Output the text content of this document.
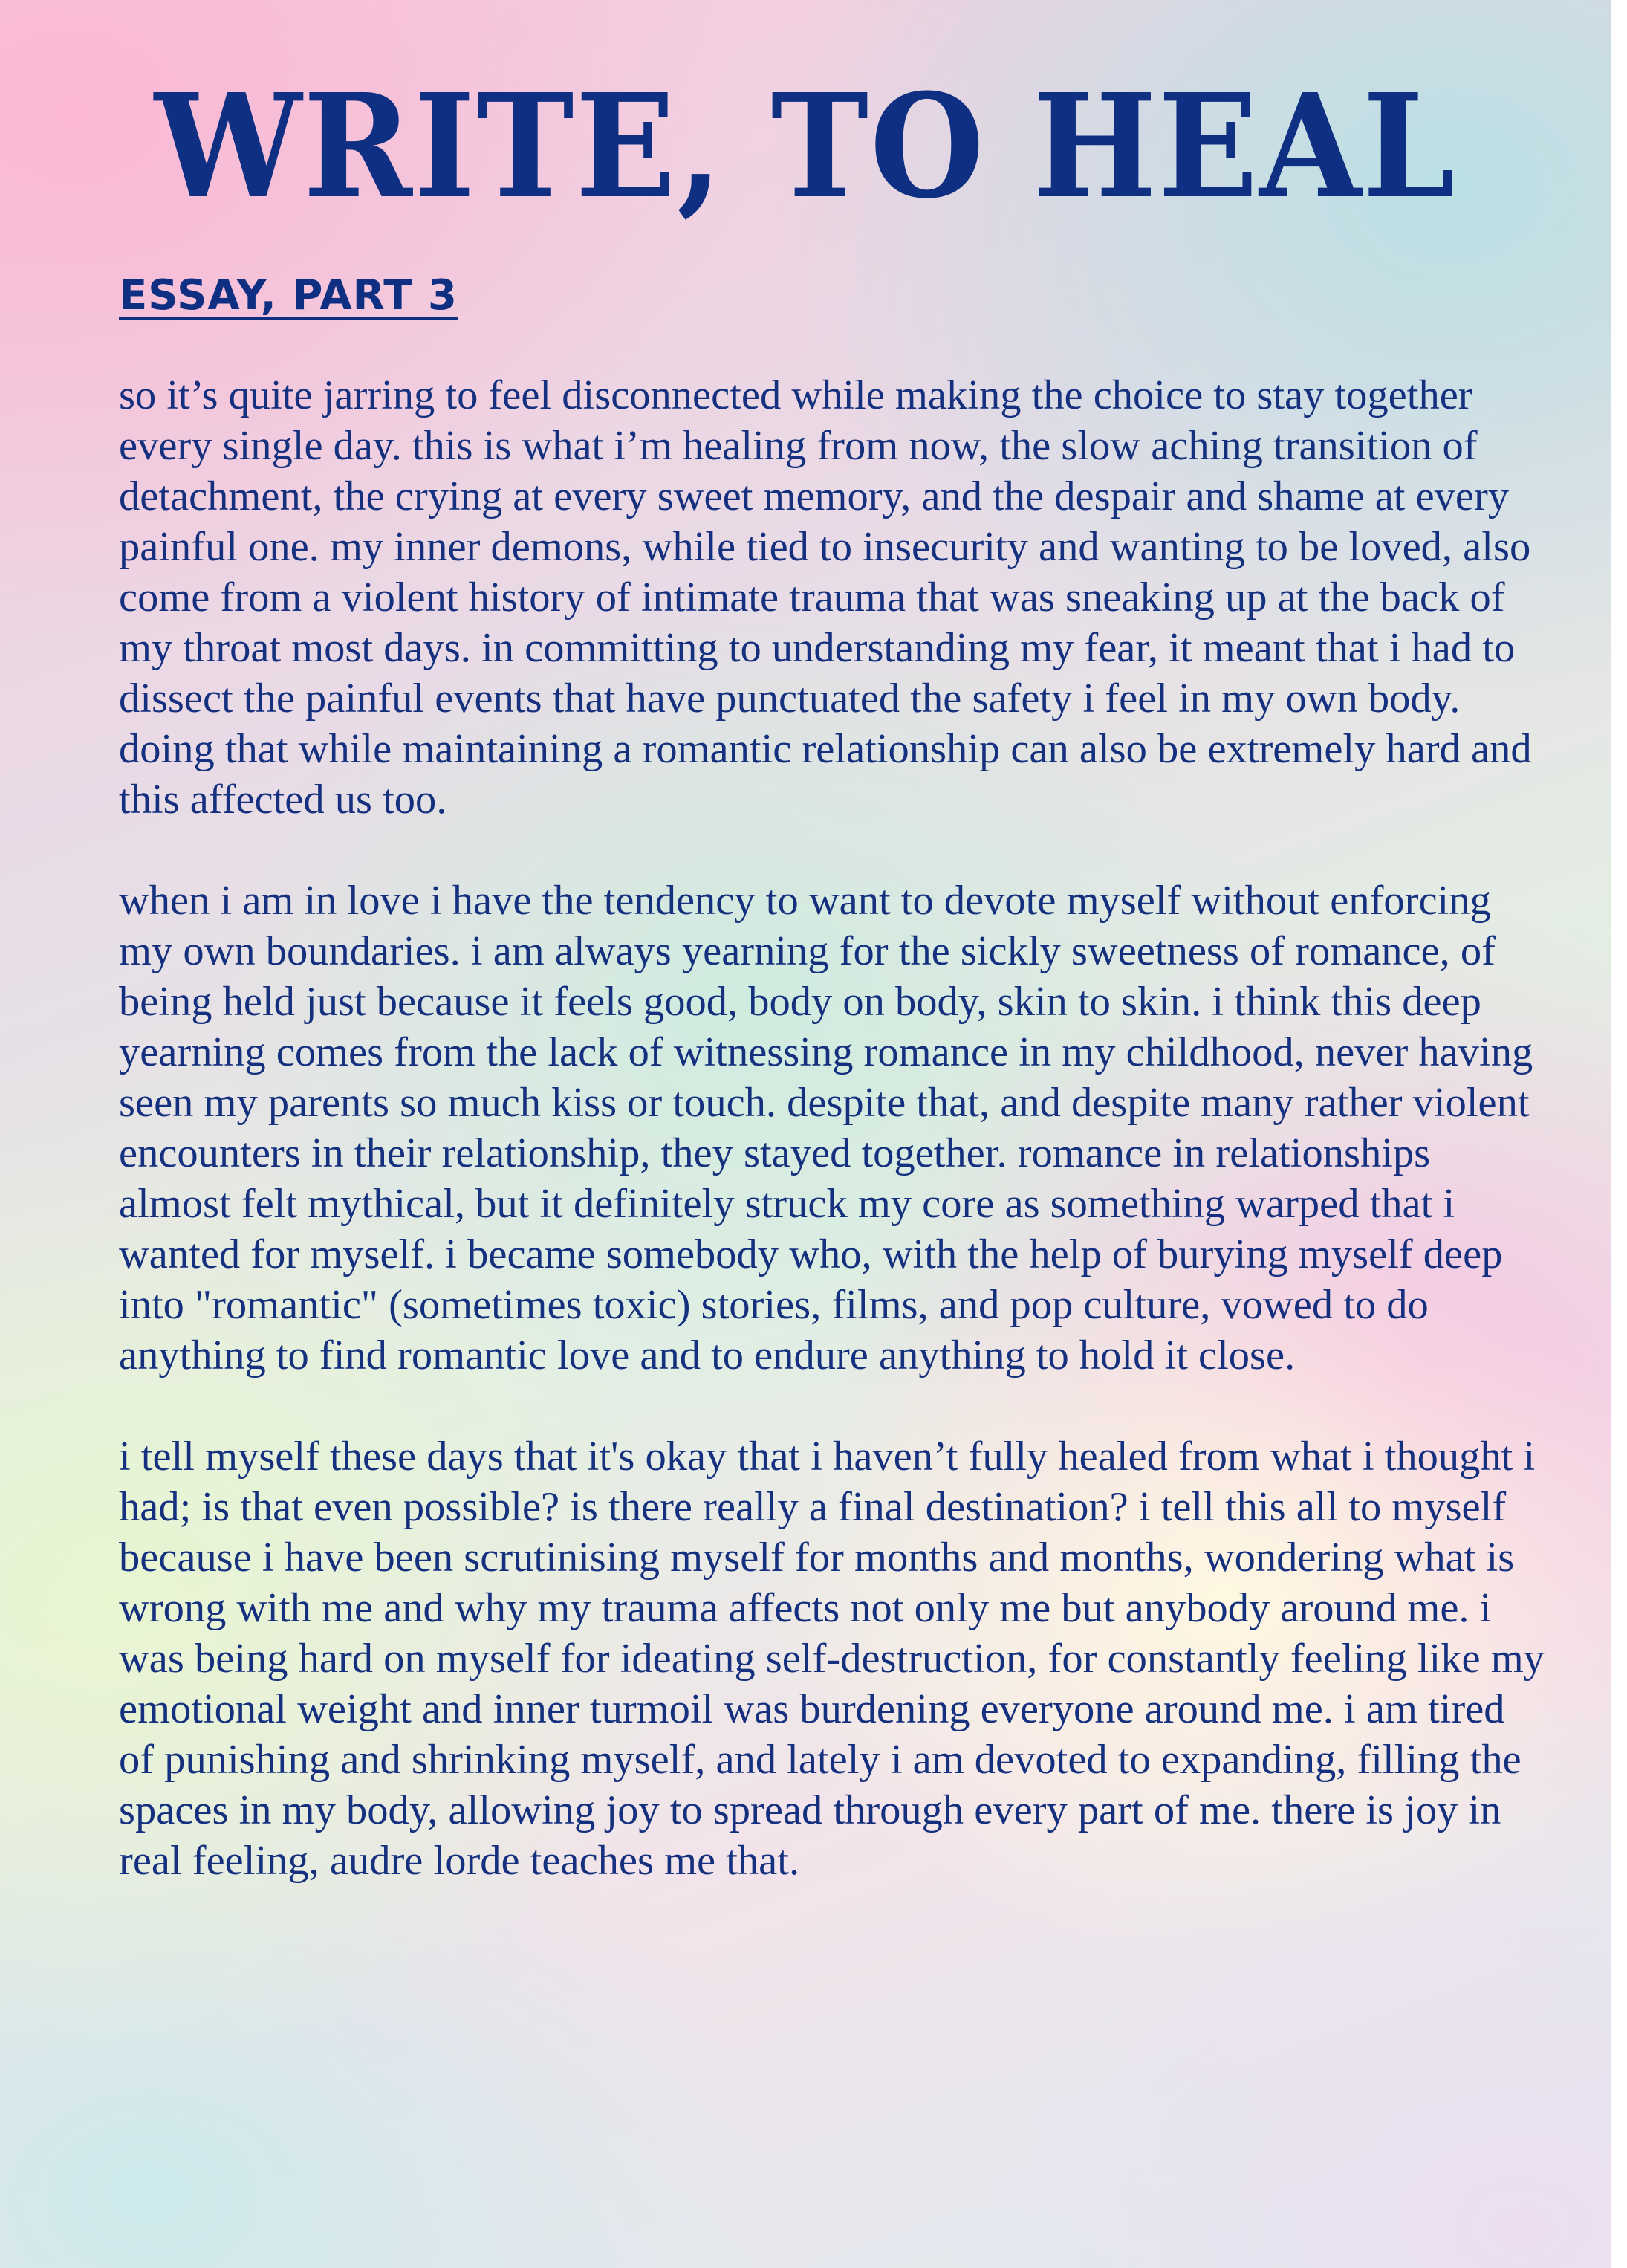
WRITE, TO HEAL
ESSAY, PART 3

so it’s quite jarring to feel disconnected while making the choice to stay together every single day. this is what i’m healing from now, the slow aching transition of detachment, the crying at every sweet memory, and the despair and shame at every painful one. my inner demons, while tied to insecurity and wanting to be loved, also come from a violent history of intimate trauma that was sneaking up at the back of my throat most days. in committing to understanding my fear, it meant that i had to dissect the painful events that have punctuated the safety i feel in my own body. doing that while maintaining a romantic relationship can also be extremely hard and this affected us too.

when i am in love i have the tendency to want to devote myself without enforcing my own boundaries. i am always yearning for the sickly sweetness of romance, of being held just because it feels good, body on body, skin to skin. i think this deep yearning comes from the lack of witnessing romance in my childhood, never having seen my parents so much kiss or touch. despite that, and despite many rather violent encounters in their relationship, they stayed together. romance in relationships almost felt mythical, but it definitely struck my core as something warped that i wanted for myself. i became somebody who, with the help of burying myself deep into "romantic" (sometimes toxic) stories, films, and pop culture, vowed to do anything to find romantic love and to endure anything to hold it close.

i tell myself these days that it's okay that i haven’t fully healed from what i thought i had; is that even possible? is there really a final destination? i tell this all to myself because i have been scrutinising myself for months and months, wondering what is wrong with me and why my trauma affects not only me but anybody around me. i was being hard on myself for ideating self-destruction, for constantly feeling like my emotional weight and inner turmoil was burdening everyone around me. i am tired of punishing and shrinking myself, and lately i am devoted to expanding, filling the spaces in my body, allowing joy to spread through every part of me. there is joy in real feeling, audre lorde teaches me that.
